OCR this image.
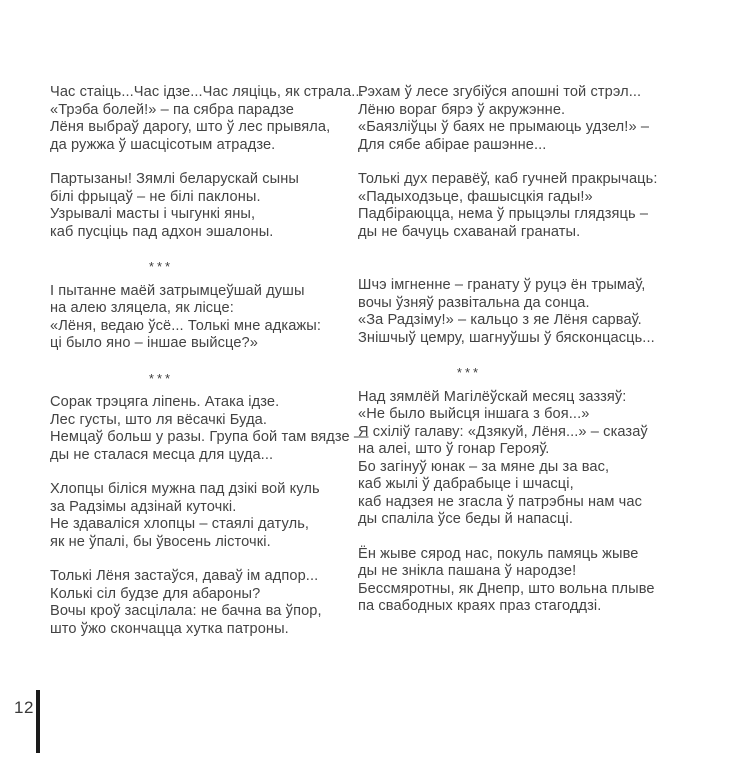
Час стаіць...Час ідзе...Час ляціць, як страла...
«Трэба болей!» – па сябра парадзе
Лёня выбраў дарогу, што ў лес прывяла,
да ружжа ў шасцісотым атрадзе.

Партызаны! Зямлі беларускай сыны
білі фрыцаў – не білі паклоны.
Узрывалі масты і чыгункі яны,
каб пусціць пад адхон эшалоны.

***

І пытанне маёй затрымцеўшай душы
на алею зляцела, як лісце:
«Лёня, ведаю ўсё... Толькі мне адкажы:
ці было яно – іншае выйсце?»

***

Сорак трэцяга ліпень. Атака ідзе.
Лес густы, што ля вёсачкі Буда.
Немцаў больш у разы. Група бой там вядзе —
ды не сталася месца для цуда...

Хлопцы біліся мужна пад дзікі вой куль
за Радзімы адзінай куточкі.
Не здаваліся хлопцы – стаялі датуль,
як не ўпалі, бы ўвосень лісточкі.

Толькі Лёня застаўся, даваў ім адпор...
Колькі сіл будзе для абароны?
Вочы кроў засцілала: не бачна ва ўпор,
што ўжо скончацца хутка патроны.

Рэхам ў лесе згубіўся апошні той стрэл...
Лёню вораг бярэ ў акружэнне.
«Баязліўцы ў баях не прымаюць удзел!» –
Для сябе абірае рашэнне...

Толькі дух перавёў, каб гучней пракрычаць:
«Падыходзьце, фашысцкія гады!»
Падбіраюцца, нема ў прыцэлы глядзяць –
ды не бачуць схаванай гранаты.

Шчэ імгненне – гранату ў руцэ ён трымаў,
вочы ўзняў развітальна да сонца.
«За Радзіму!» – кальцо з яе Лёня сарваў.
Знішчыў цемру, шагнуўшы ў бясконцасць...

***

Над зямлёй Магілёўскай месяц заззяў:
«Не было выйсця іншага з боя...»
Я схіліў галаву: «Дзякуй, Лёня...» – сказаў
на алеі, што ў гонар Герояў.
Бо загінуў юнак – за мяне ды за вас,
каб жылі ў дабрабыце і шчасці,
каб надзея не згасла ў патрэбны нам час
ды спаліла ўсе беды й напасці.

Ён жыве сярод нас, покуль памяць жыве
ды не знікла пашана ў народзе!
Бессмяротны, як Днепр, што вольна плыве
па свабодных краях праз стагоддзі.

12
